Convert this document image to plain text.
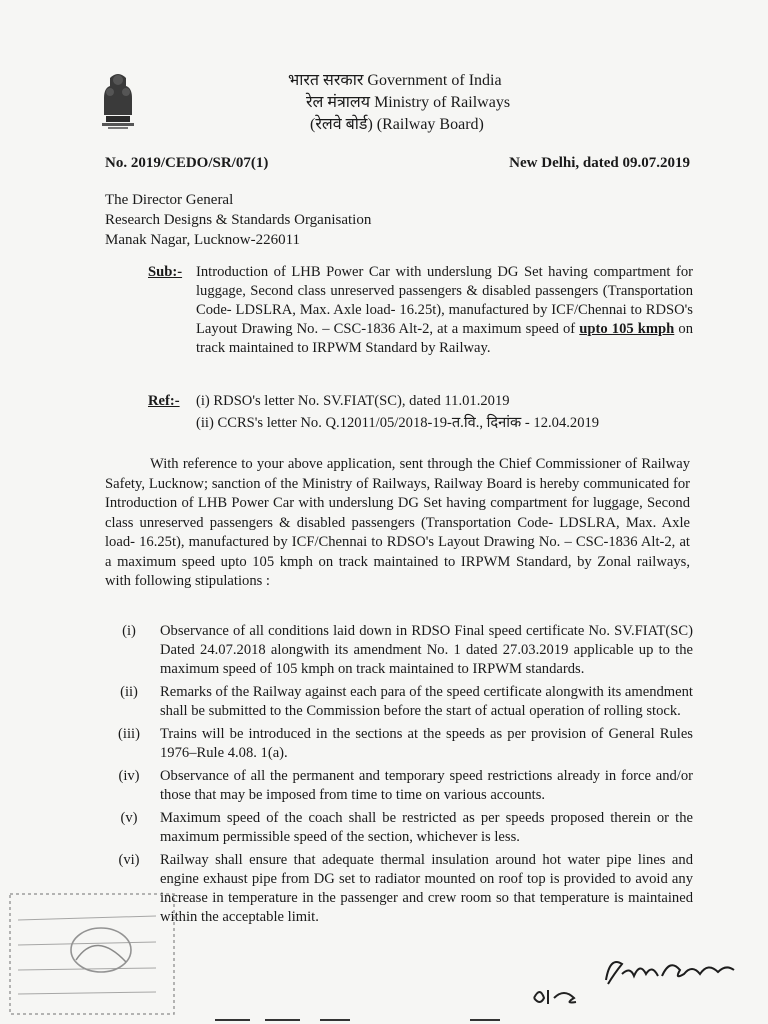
भारत सरकार Government of India
रेल मंत्रालय Ministry of Railways
(रेलवे बोर्ड) (Railway Board)
No. 2019/CEDO/SR/07(1)	New Delhi, dated 09.07.2019
The Director General
Research Designs & Standards Organisation
Manak Nagar, Lucknow-226011
Sub:- Introduction of LHB Power Car with underslung DG Set having compartment for luggage, Second class unreserved passengers & disabled passengers (Transportation Code- LDSLRA, Max. Axle load- 16.25t), manufactured by ICF/Chennai to RDSO's Layout Drawing No. – CSC-1836 Alt-2, at a maximum speed of upto 105 kmph on track maintained to IRPWM Standard by Railway.
Ref:- (i) RDSO's letter No. SV.FIAT(SC), dated 11.01.2019
(ii) CCRS's letter No. Q.12011/05/2018-19-त.वि., दिनांक - 12.04.2019
With reference to your above application, sent through the Chief Commissioner of Railway Safety, Lucknow; sanction of the Ministry of Railways, Railway Board is hereby communicated for Introduction of LHB Power Car with underslung DG Set having compartment for luggage, Second class unreserved passengers & disabled passengers (Transportation Code- LDSLRA, Max. Axle load- 16.25t), manufactured by ICF/Chennai to RDSO's Layout Drawing No. – CSC-1836 Alt-2, at a maximum speed upto 105 kmph on track maintained to IRPWM Standard, by Zonal railways, with following stipulations :
(i)	Observance of all conditions laid down in RDSO Final speed certificate No. SV.FIAT(SC) Dated 24.07.2018 alongwith its amendment No. 1 dated 27.03.2019 applicable up to the maximum speed of 105 kmph on track maintained to IRPWM standards.
(ii)	Remarks of the Railway against each para of the speed certificate alongwith its amendment shall be submitted to the Commission before the start of actual operation of rolling stock.
(iii)	Trains will be introduced in the sections at the speeds as per provision of General Rules 1976–Rule 4.08. 1(a).
(iv)	Observance of all the permanent and temporary speed restrictions already in force and/or those that may be imposed from time to time on various accounts.
(v)	Maximum speed of the coach shall be restricted as per speeds proposed therein or the maximum permissible speed of the section, whichever is less.
(vi)	Railway shall ensure that adequate thermal insulation around hot water pipe lines and engine exhaust pipe from DG set to radiator mounted on roof top is provided to avoid any increase in temperature in the passenger and crew room so that temperature is maintained within the acceptable limit.
